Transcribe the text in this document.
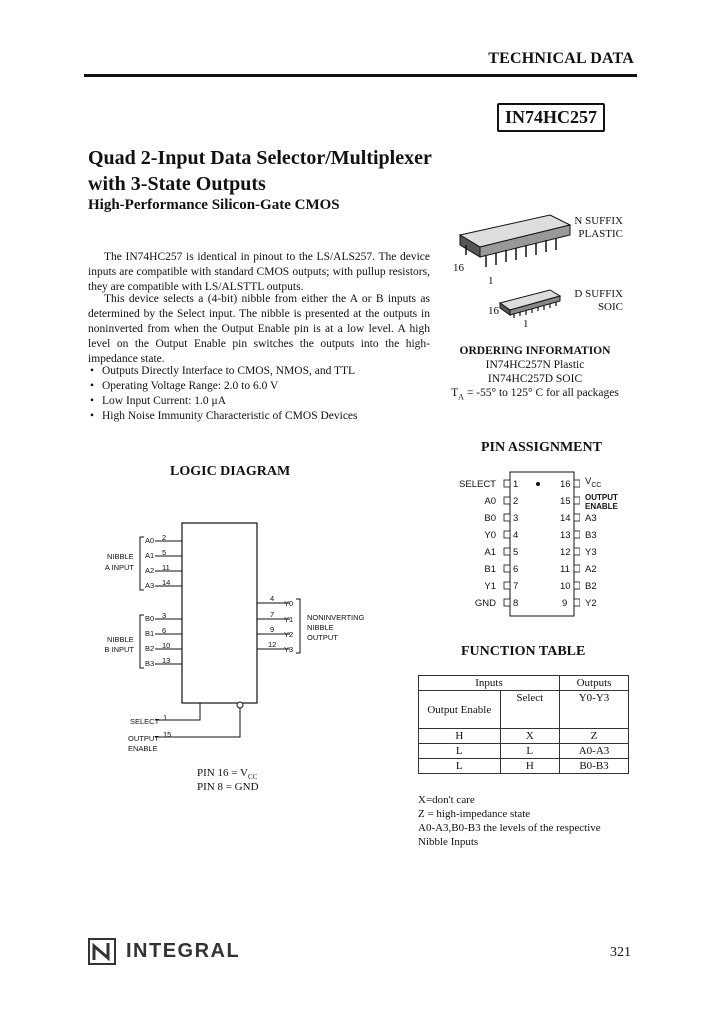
TECHNICAL DATA
IN74HC257
Quad 2-Input Data Selector/Multiplexer
with 3-State Outputs
High-Performance Silicon-Gate CMOS
The IN74HC257 is identical in pinout to the LS/ALS257. The device inputs are compatible with standard CMOS outputs; with pullup resistors, they are compatible with LS/ALSTTL outputs.
This device selects a (4-bit) nibble from either the A or B inputs as determined by the Select input. The nibble is presented at the outputs in noninverted from when the Output Enable pin is at a low level. A high level on the Output Enable pin switches the outputs into the high-impedance state.
• Outputs Directly Interface to CMOS, NMOS, and TTL
• Operating Voltage Range: 2.0 to 6.0 V
• Low Input Current: 1.0 μA
• High Noise Immunity Characteristic of CMOS Devices
16
1
16
1
N SUFFIX
PLASTIC
D SUFFIX
SOIC
ORDERING INFORMATION
IN74HC257N Plastic
IN74HC257D SOIC
$T_A = -55^\circ$ to 125° C for all packages
LOGIC DIAGRAM
NIBBLE
A INPUT
NIBBLE
B INPUT
A0 2
A1 5
A2 11
A3 14
B0 3
B1 6
B2 10
B3 13
4
Y0
7
Y1
9
Y2
12
Y3
NONINVERTING
NIBBLE
OUTPUT
SELECT 1
OUTPUT
ENABLE
15
PIN $16 = V_{CC}$
PIN 8 = GND
PIN ASSIGNMENT
SELECT 1	16 $V_{CC}$
A0 2	15 OUTPUT
ENABLE
B0 3	14 A3
Y0 4	13 B3
A1 5	12 Y3
B1 6	11 A2
Y1 7	10 B2
GND 8	9 Y2
FUNCTION TABLE
Inputs		Outputs
Output Enable	Select	Y0-Y3
H	X	Z
L	L	A0-A3
L	H	B0-B3
X=don't care
Z = high-impedance state
A0-A3,B0-B3 the levels of the respective
Nibble Inputs
INTEGRAL	321
